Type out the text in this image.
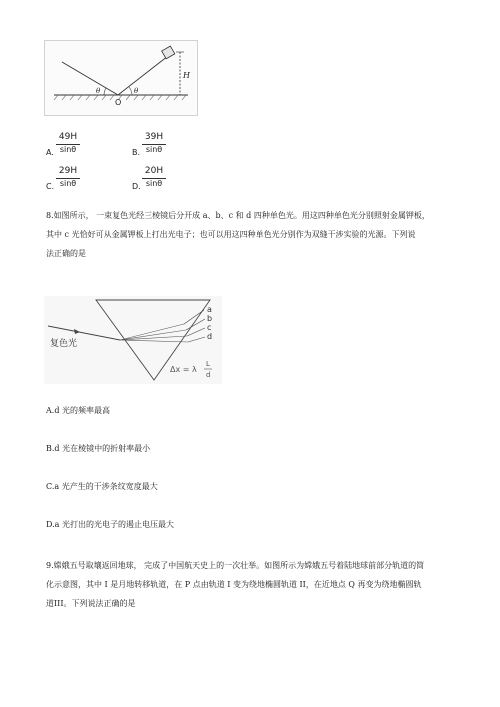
H
θ	θ
O
A.
49H
sinθ	B.
39H
sinθ
C.
29H
sinθ	D.
20H
sinθ
8.如图所示， 一束复色光经三棱镜后分开成 a、b、c 和 d 四种单色光。用这四种单色光分别照射金属钾板，
其中 c 光恰好可从金属钾板上打出光电子；也可以用这四种单色光分别作为双缝干涉实验的光源。下列说
法正确的是
a
b
c
d
复色光
Δx = λ
L
d
A.d 光的频率最高
B.d 光在棱镜中的折射率最小
C.a 光产生的干涉条纹宽度最大
D.a 光打出的光电子的遏止电压最大
9.嫦娥五号取壤返回地球， 完成了中国航天史上的一次壮举。如图所示为嫦娥五号着陆地球前部分轨道的简
化示意图，其中 I 是月地转移轨道，在 P 点由轨道 I 变为绕地椭圆轨道 II，在近地点 Q 再变为绕地椭圆轨
道III。下列说法正确的是
